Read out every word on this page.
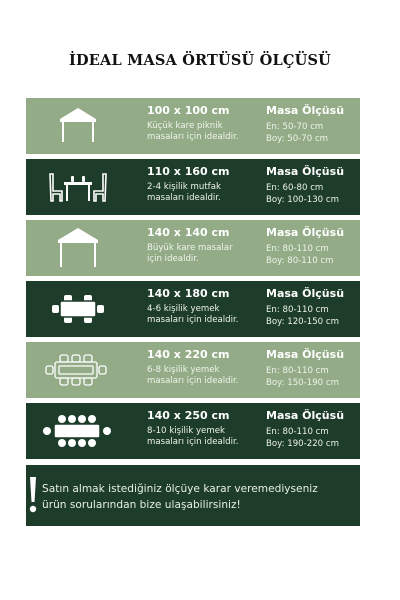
İDEAL MASA ÖRTÜSÜ ÖLÇÜSÜ
100 x 100 cm
Küçük kare piknik
masaları için idealdir.
Masa Ölçüsü
En: 50-70 cm
Boy: 50-70 cm
110 x 160 cm
2-4 kişilik mutfak
masaları idealdir.
Masa Ölçüsü
En: 60-80 cm
Boy: 100-130 cm
140 x 140 cm
Büyük kare masalar
için idealdir.
Masa Ölçüsü
En: 80-110 cm
Boy: 80-110 cm
140 x 180 cm
4-6 kişilik yemek
masaları için idealdir.
Masa Ölçüsü
En: 80-110 cm
Boy: 120-150 cm
140 x 220 cm
6-8 kişilik yemek
masaları için idealdir.
Masa Ölçüsü
En: 80-110 cm
Boy: 150-190 cm
140 x 250 cm
8-10 kişilik yemek
masaları için idealdir.
Masa Ölçüsü
En: 80-110 cm
Boy: 190-220 cm
Satın almak istediğiniz ölçüye karar veremediyseniz
ürün sorularından bize ulaşabilirsiniz!
